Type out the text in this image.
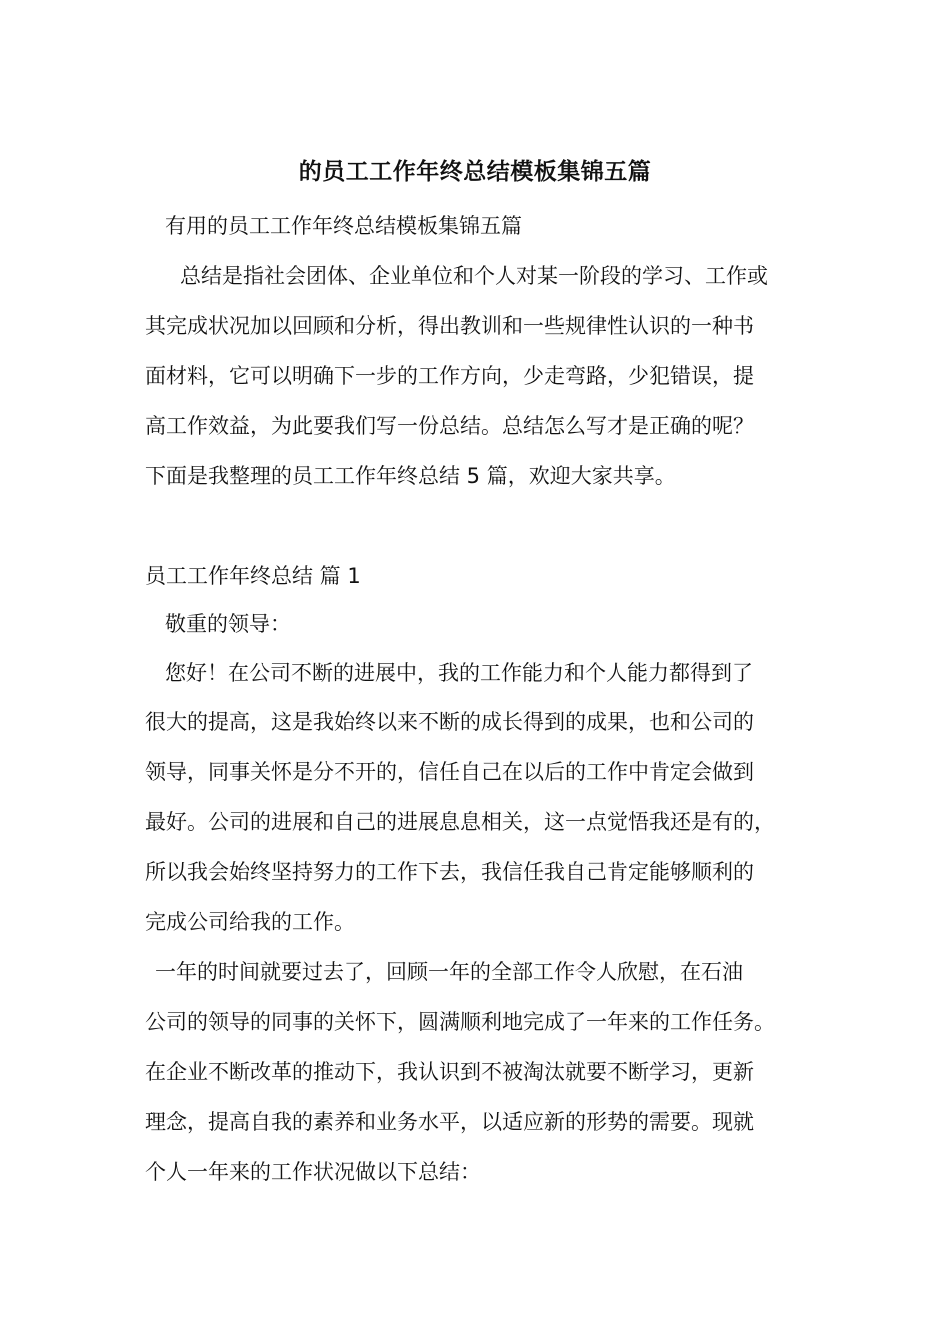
的员工工作年终总结模板集锦五篇
有用的员工工作年终总结模板集锦五篇
总结是指社会团体、企业单位和个人对某一阶段的学习、工作或
其完成状况加以回顾和分析，得出教训和一些规律性认识的一种书
面材料，它可以明确下一步的工作方向，少走弯路，少犯错误，提
高工作效益，为此要我们写一份总结。总结怎么写才是正确的呢？
下面是我整理的员工工作年终总结 5 篇，欢迎大家共享。
员工工作年终总结 篇 1
敬重的领导：
您好！在公司不断的进展中，我的工作能力和个人能力都得到了
很大的提高，这是我始终以来不断的成长得到的成果，也和公司的
领导，同事关怀是分不开的，信任自己在以后的工作中肯定会做到
最好。公司的进展和自己的进展息息相关，这一点觉悟我还是有的，
所以我会始终坚持努力的工作下去，我信任我自己肯定能够顺利的
完成公司给我的工作。
一年的时间就要过去了，回顾一年的全部工作令人欣慰，在石油
公司的领导的同事的关怀下，圆满顺利地完成了一年来的工作任务。
在企业不断改革的推动下，我认识到不被淘汰就要不断学习，更新
理念，提高自我的素养和业务水平，以适应新的形势的需要。现就
个人一年来的工作状况做以下总结：
